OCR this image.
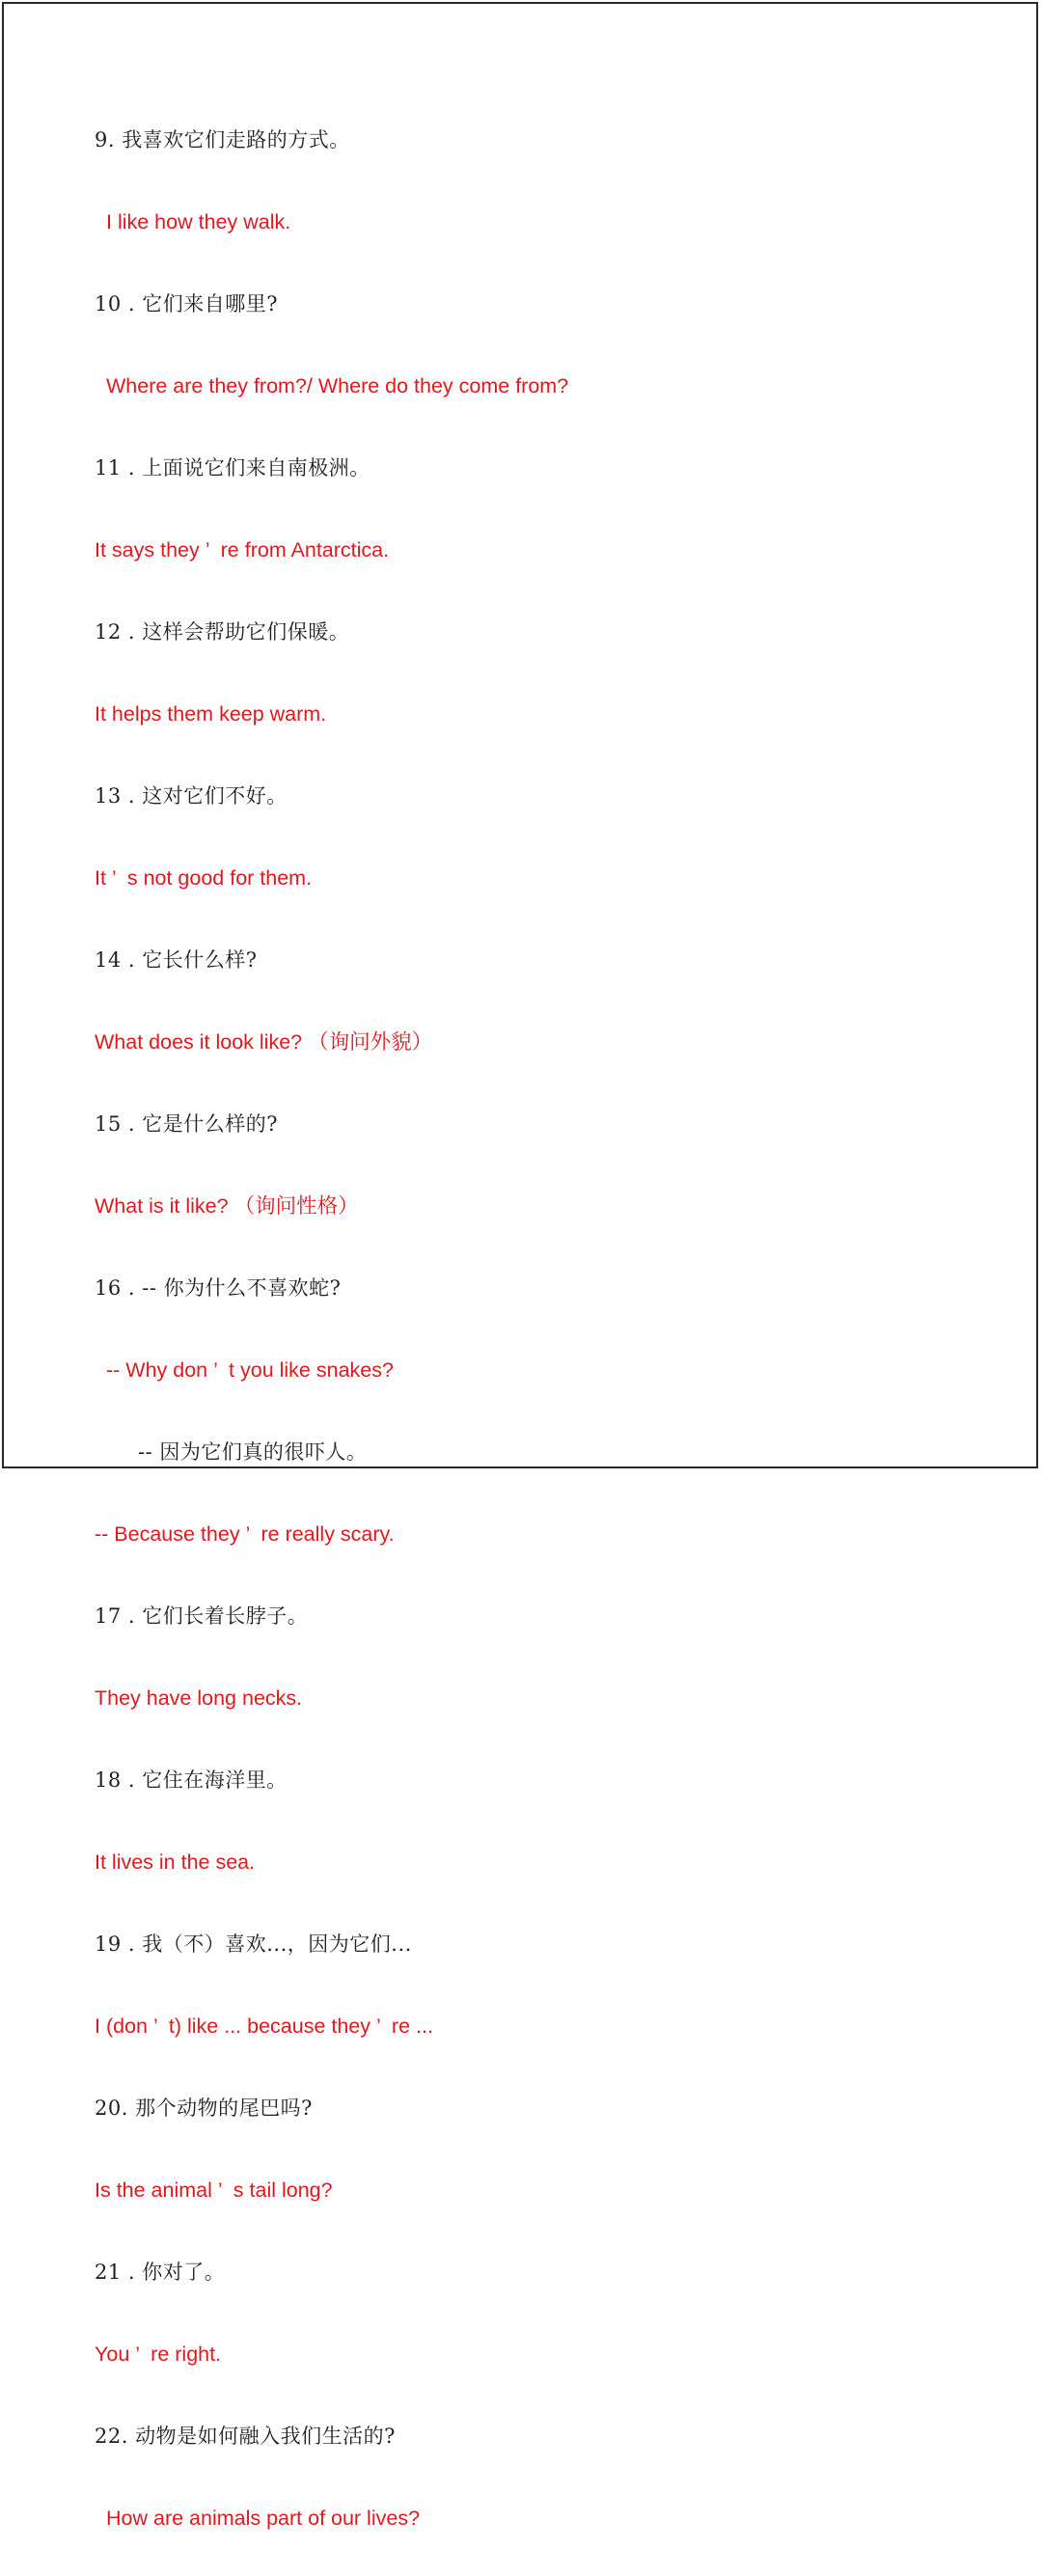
9. 我喜欢它们走路的方式。
I like how they walk.
10 . 它们来自哪里?
Where are they from?/ Where do they come from?
11 . 上面说它们来自南极洲。
It says they ’  re from Antarctica.
12 . 这样会帮助它们保暖。
It helps them keep warm.
13 . 这对它们不好。
It ’  s not good for them.
14 . 它长什么样?
What does it look like? （询问外貌）
15 . 它是什么样的?
What is it like? （询问性格）
16 . -- 你为什么不喜欢蛇?
-- Why don ’  t you like snakes?
-- 因为它们真的很吓人。
-- Because they ’  re really scary.
17 . 它们长着长脖子。
They have long necks.
18 . 它住在海洋里。
It lives in the sea.
19 . 我（不）喜欢...，因为它们...
I (don ’  t) like ... because they ’  re ...
20. 那个动物的尾巴吗?
Is the animal ’  s tail long?
21 . 你对了。
You ’  re right.
22. 动物是如何融入我们生活的?
How are animals part of our lives?
